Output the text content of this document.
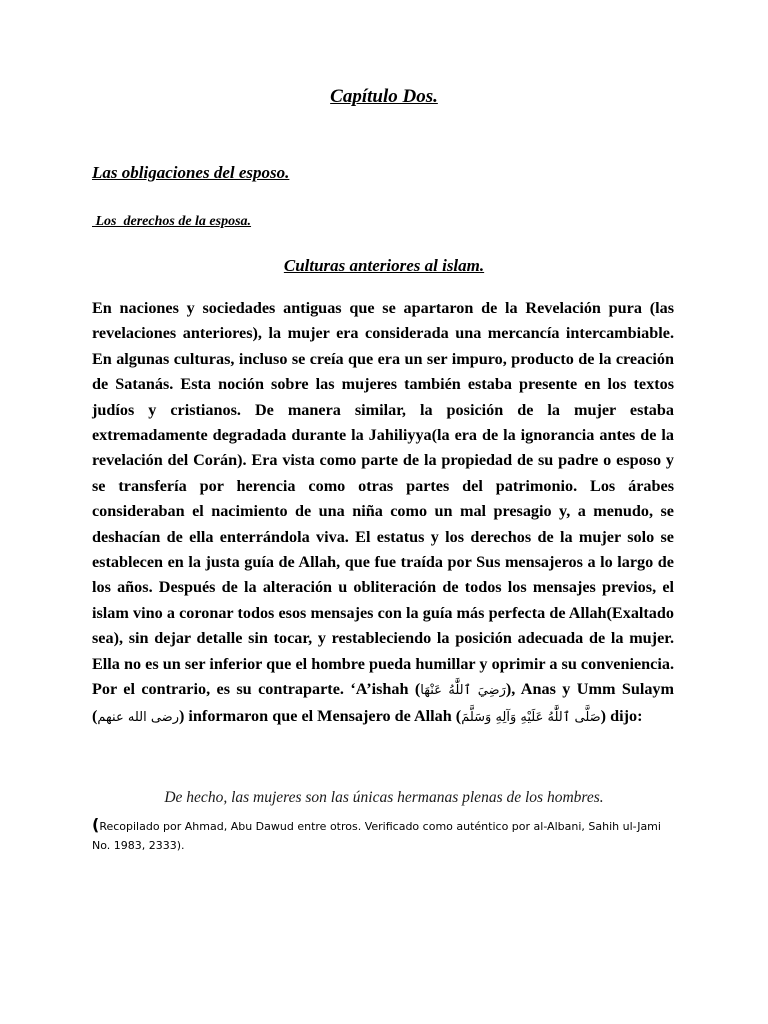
Capítulo Dos.
Las obligaciones del esposo.
Los  derechos de la esposa.
Culturas anteriores al islam.

En naciones y sociedades antiguas que se apartaron de la Revelación pura (las revelaciones anteriores), la mujer era considerada una mercancía intercambiable. En algunas culturas, incluso se creía que era un ser impuro, producto de la creación de Satanás. Esta noción sobre las mujeres también estaba presente en los textos judíos y cristianos. De manera similar, la posición de la mujer estaba extremadamente degradada durante la Jahiliyya(la era de la ignorancia antes de la revelación del Corán). Era vista como parte de la propiedad de su padre o esposo y se transfería por herencia como otras partes del patrimonio. Los árabes consideraban el nacimiento de una niña como un mal presagio y, a menudo, se deshacían de ella enterrándola viva. El estatus y los derechos de la mujer solo se establecen en la justa guía de Allah, que fue traída por Sus mensajeros a lo largo de los años. Después de la alteración u obliteración de todos los mensajes previos, el islam vino a coronar todos esos mensajes con la guía más perfecta de Allah(Exaltado sea), sin dejar detalle sin tocar, y restableciendo la posición adecuada de la mujer. Ella no es un ser inferior que el hombre pueda humillar y oprimir a su conveniencia. Por el contrario, es su contraparte. ‘A’ishah (رَضِيَ ٱللَّٰهُ عَنْهَا), Anas y Umm Sulaym (رضى الله عنهم) informaron que el Mensajero de Allah (صَلَّى ٱللَّٰهُ عَلَيْهِ وَآلِهِ وَسَلَّمَ) dijo:

De hecho, las mujeres son las únicas hermanas plenas de los hombres.

(Recopilado por Ahmad, Abu Dawud entre otros. Verificado como auténtico por al-Albani, Sahih ul-Jami No. 1983, 2333).
